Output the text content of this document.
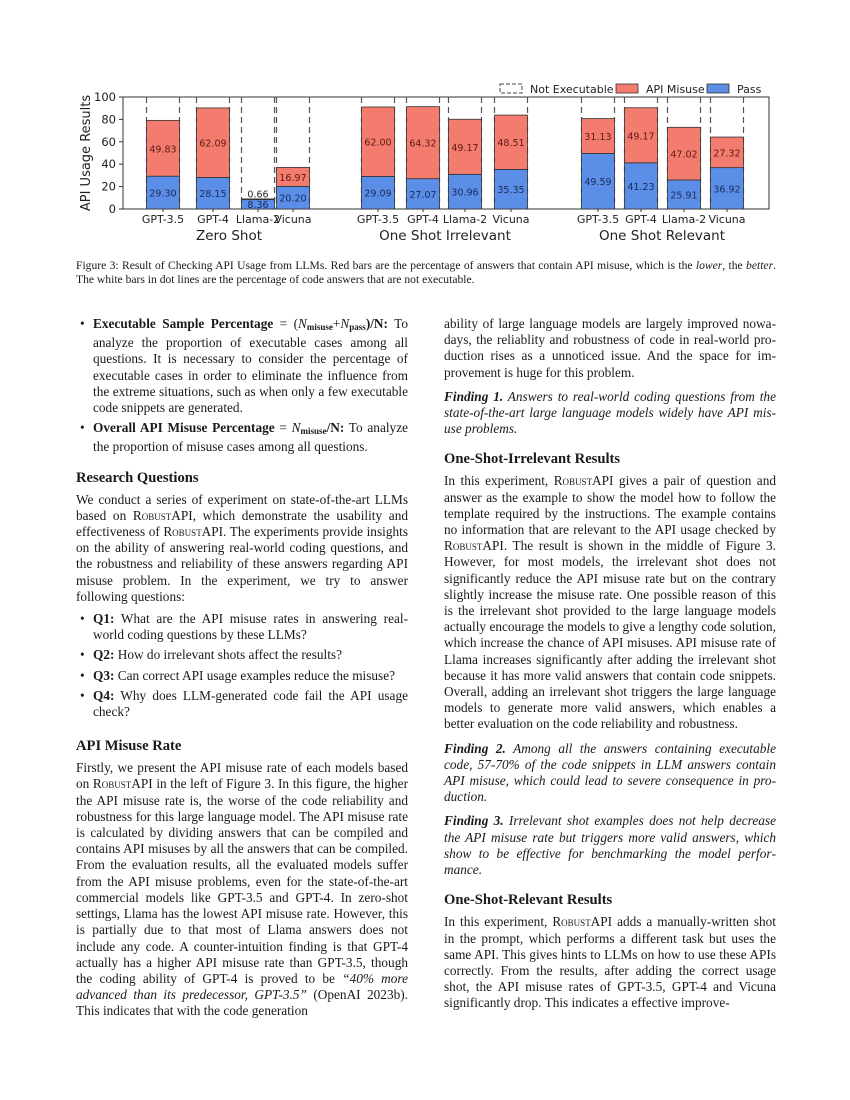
0
20
40
60
80
100
API Usage Results	29.30
49.83
GPT-3.5
28.15
62.09
GPT-4
0.66
8.36
Llama-2
20.20
16.97
Vicuna
Zero Shot
29.09
62.00
GPT-3.5
27.07
64.32
GPT-4
30.96
49.17
Llama-2
35.35
48.51
Vicuna
One Shot Irrelevant
49.59
31.13
GPT-3.5
41.23
49.17
GPT-4
25.91
47.02
Llama-2
36.92
27.32
Vicuna
One Shot Relevant
Not Executable	API Misuse	Pass
Figure 3: Result of Checking API Usage from LLMs. Red bars are the percentage of answers that contain API misuse, which is the lower, the better. The white bars in dot lines are the percentage of code answers that are not executable.
• Executable Sample Percentage = $(N_{misuse}+N_{pass})/N$: To analyze the proportion of executable cases among all questions. It is necessary to consider the percentage of executable cases in order to eliminate the influence from the extreme situations, such as when only a few executable code snippets are generated.
• Overall API Misuse Percentage = $N_{misuse}/N$: To analyze the proportion of misuse cases among all questions.
Research Questions

We conduct a series of experiment on state-of-the-art LLMs based on RobustAPI, which demonstrate the usability and effectiveness of RobustAPI. The experiments provide insights on the ability of answering real-world coding questions, and the robustness and reliability of these answers regarding API misuse problem. In the experiment, we try to answer following questions:

• Q1: What are the API misuse rates in answering real-world coding questions by these LLMs?
• Q2: How do irrelevant shots affect the results?
• Q3: Can correct API usage examples reduce the misuse?
• Q4: Why does LLM-generated code fail the API usage check?
API Misuse Rate

Firstly, we present the API misuse rate of each models based on RobustAPI in the left of Figure 3. In this figure, the higher the API misuse rate is, the worse of the code reliability and robustness for this large language model. The API misuse rate is calculated by dividing answers that can be compiled and contains API misuses by all the answers that can be compiled. From the evaluation results, all the evaluated models suffer from the API misuse problems, even for the state-of-the-art commercial models like GPT-3.5 and GPT-4. In zero-shot settings, Llama has the lowest API misuse rate. However, this is partially due to that most of Llama answers does not include any code. A counter-intuition finding is that GPT-4 actually has a higher API misuse rate than GPT-3.5, though the coding ability of GPT-4 is proved to be “40% more advanced than its predecessor, GPT-3.5” (OpenAI 2023b). This indicates that with the code generation

ability of large language models are largely improved nowadays, the reliablity and robustness of code in real-world production rises as a unnoticed issue. And the space for improvement is huge for this problem.

Finding 1. Answers to real-world coding questions from the state-of-the-art large language models widely have API misuse problems.

One-Shot-Irrelevant Results

In this experiment, RobustAPI gives a pair of question and answer as the example to show the model how to follow the template required by the instructions. The example contains no information that are relevant to the API usage checked by RobustAPI. The result is shown in the middle of Figure 3. However, for most models, the irrelevant shot does not significantly reduce the API misuse rate but on the contrary slightly increase the misuse rate. One possible reason of this is the irrelevant shot provided to the large language models actually encourage the models to give a lengthy code solution, which increase the chance of API misuses. API misuse rate of Llama increases significantly after adding the irrelevant shot because it has more valid answers that contain code snippets. Overall, adding an irrelevant shot triggers the large language models to generate more valid answers, which enables a better evaluation on the code reliability and robustness.

Finding 2. Among all the answers containing executable code, 57-70% of the code snippets in LLM answers contain API misuse, which could lead to severe consequence in production.

Finding 3. Irrelevant shot examples does not help decrease the API misuse rate but triggers more valid answers, which show to be effective for benchmarking the model performance.

One-Shot-Relevant Results

In this experiment, RobustAPI adds a manually-written shot in the prompt, which performs a different task but uses the same API. This gives hints to LLMs on how to use these APIs correctly. From the results, after adding the correct usage shot, the API misuse rates of GPT-3.5, GPT-4 and Vicuna significantly drop. This indicates a effective improve-
